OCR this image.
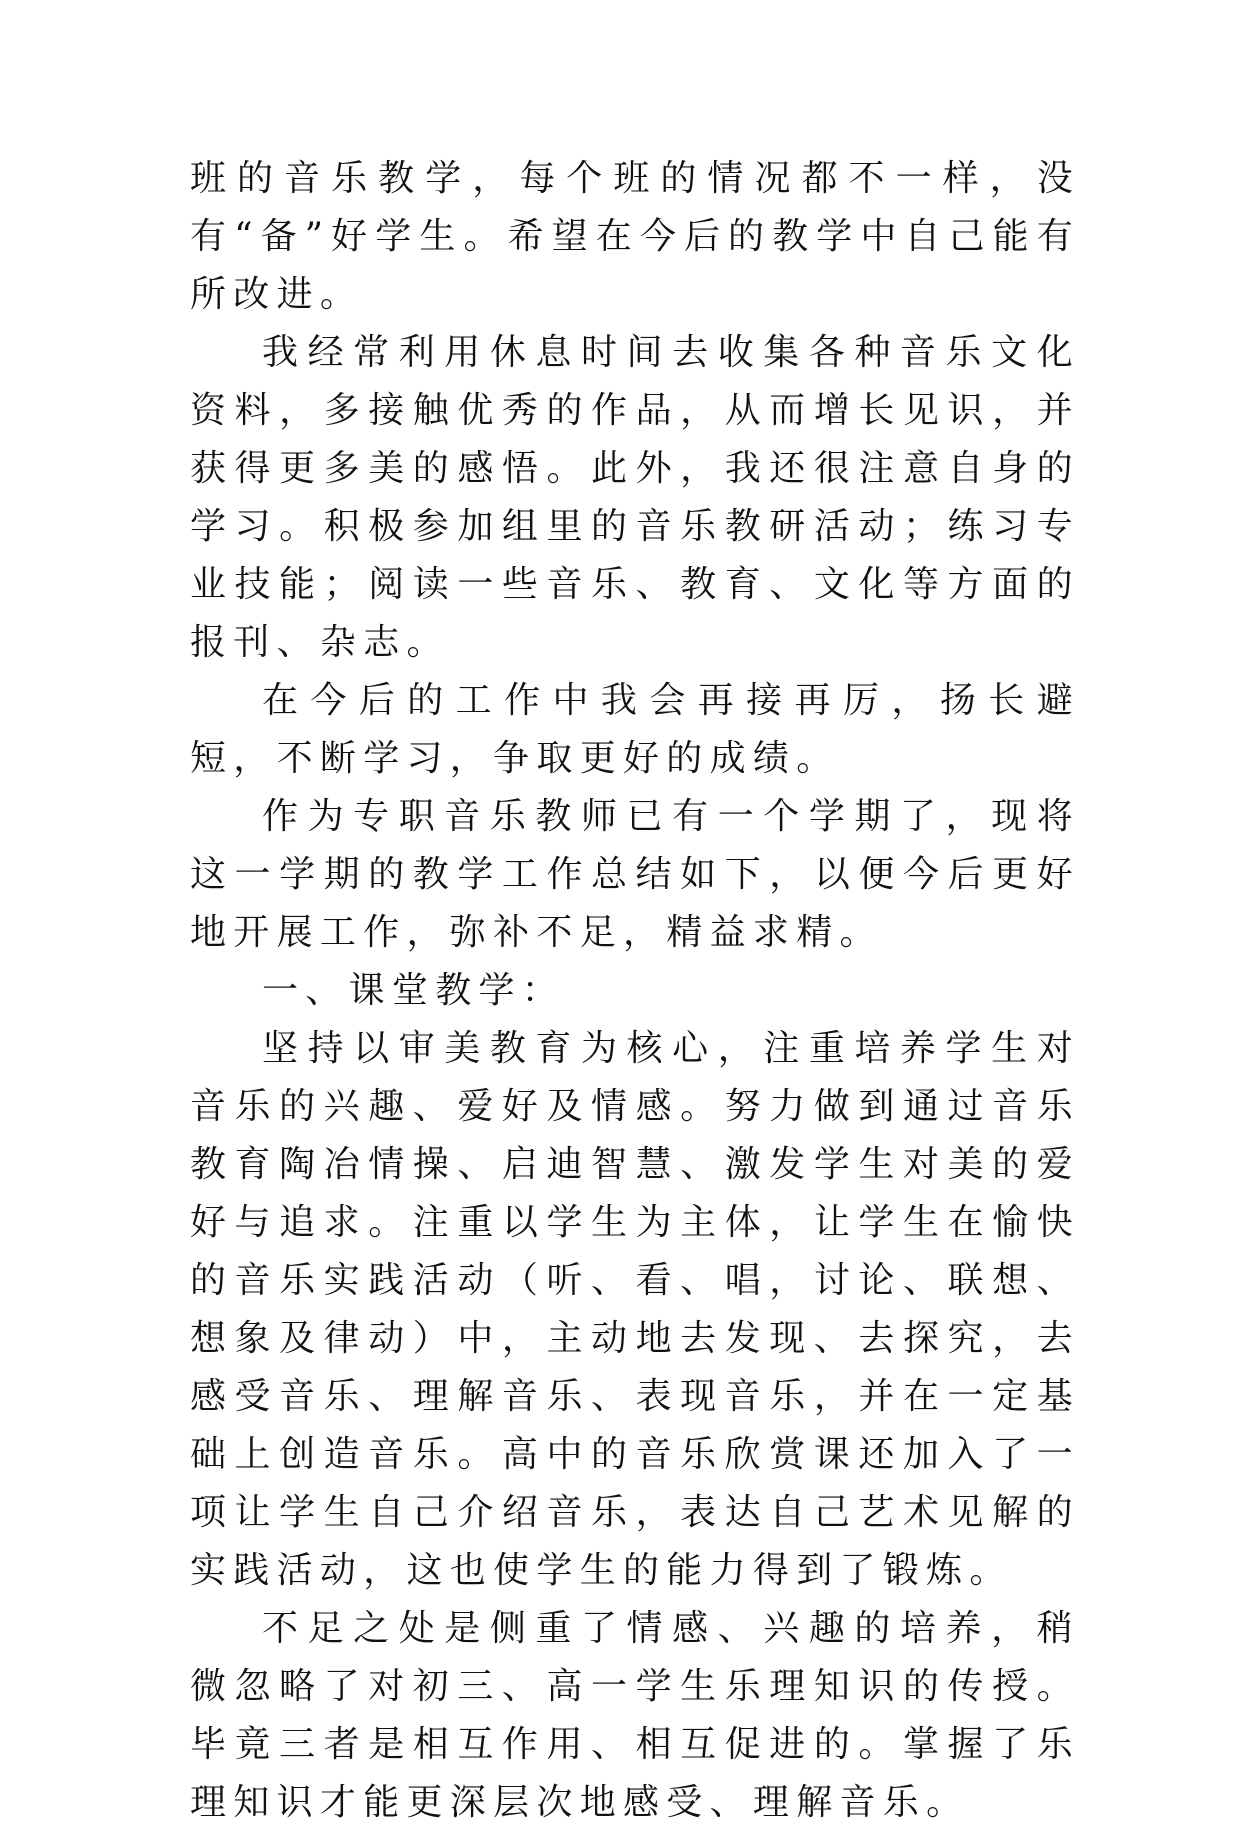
班的音乐教学，每个班的情况都不一样，没有“备”好学生。希望在今后的教学中自己能有所改进。

我经常利用休息时间去收集各种音乐文化资料，多接触优秀的作品，从而增长见识，并获得更多美的感悟。此外，我还很注意自身的学习。积极参加组里的音乐教研活动；练习专业技能；阅读一些音乐、教育、文化等方面的报刊、杂志。

在今后的工作中我会再接再厉，扬长避短，不断学习，争取更好的成绩。

作为专职音乐教师已有一个学期了，现将这一学期的教学工作总结如下，以便今后更好地开展工作，弥补不足，精益求精。

一、课堂教学：

坚持以审美教育为核心，注重培养学生对音乐的兴趣、爱好及情感。努力做到通过音乐教育陶冶情操、启迪智慧、激发学生对美的爱好与追求。注重以学生为主体，让学生在愉快的音乐实践活动（听、看、唱，讨论、联想、想象及律动）中，主动地去发现、去探究，去感受音乐、理解音乐、表现音乐，并在一定基础上创造音乐。高中的音乐欣赏课还加入了一项让学生自己介绍音乐，表达自己艺术见解的实践活动，这也使学生的能力得到了锻炼。

不足之处是侧重了情感、兴趣的培养，稍微忽略了对初三、高一学生乐理知识的传授。毕竟三者是相互作用、相互促进的。掌握了乐理知识才能更深层次地感受、理解音乐。
